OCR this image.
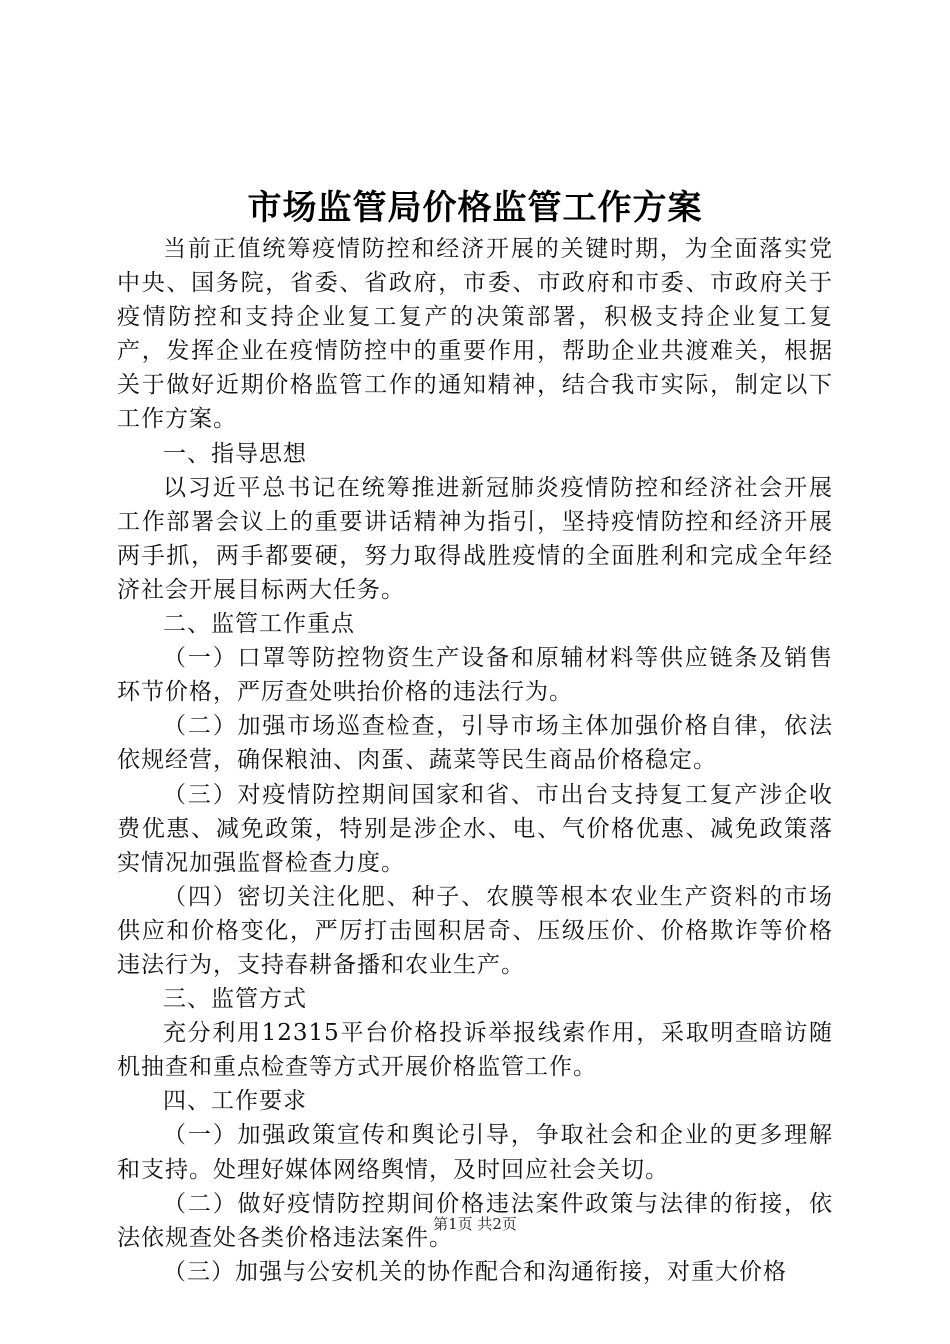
市场监管局价格监管工作方案

当前正值统筹疫情防控和经济开展的关键时期，为全面落实党中央、国务院，省委、省政府，市委、市政府和市委、市政府关于疫情防控和支持企业复工复产的决策部署，积极支持企业复工复产，发挥企业在疫情防控中的重要作用，帮助企业共渡难关，根据关于做好近期价格监管工作的通知精神，结合我市实际，制定以下工作方案。

一、指导思想

以习近平总书记在统筹推进新冠肺炎疫情防控和经济社会开展工作部署会议上的重要讲话精神为指引，坚持疫情防控和经济开展两手抓，两手都要硬，努力取得战胜疫情的全面胜利和完成全年经济社会开展目标两大任务。

二、监管工作重点

（一）口罩等防控物资生产设备和原辅材料等供应链条及销售环节价格，严厉查处哄抬价格的违法行为。

（二）加强市场巡查检查，引导市场主体加强价格自律，依法依规经营，确保粮油、肉蛋、蔬菜等民生商品价格稳定。

（三）对疫情防控期间国家和省、市出台支持复工复产涉企收费优惠、减免政策，特别是涉企水、电、气价格优惠、减免政策落实情况加强监督检查力度。

（四）密切关注化肥、种子、农膜等根本农业生产资料的市场供应和价格变化，严厉打击囤积居奇、压级压价、价格欺诈等价格违法行为，支持春耕备播和农业生产。

三、监管方式

充分利用12315平台价格投诉举报线索作用，采取明查暗访随机抽查和重点检查等方式开展价格监管工作。

四、工作要求

（一）加强政策宣传和舆论引导，争取社会和企业的更多理解和支持。处理好媒体网络舆情，及时回应社会关切。

（二）做好疫情防控期间价格违法案件政策与法律的衔接，依法依规查处各类价格违法案件。

（三）加强与公安机关的协作配合和沟通衔接，对重大价格

第1页 共2页
